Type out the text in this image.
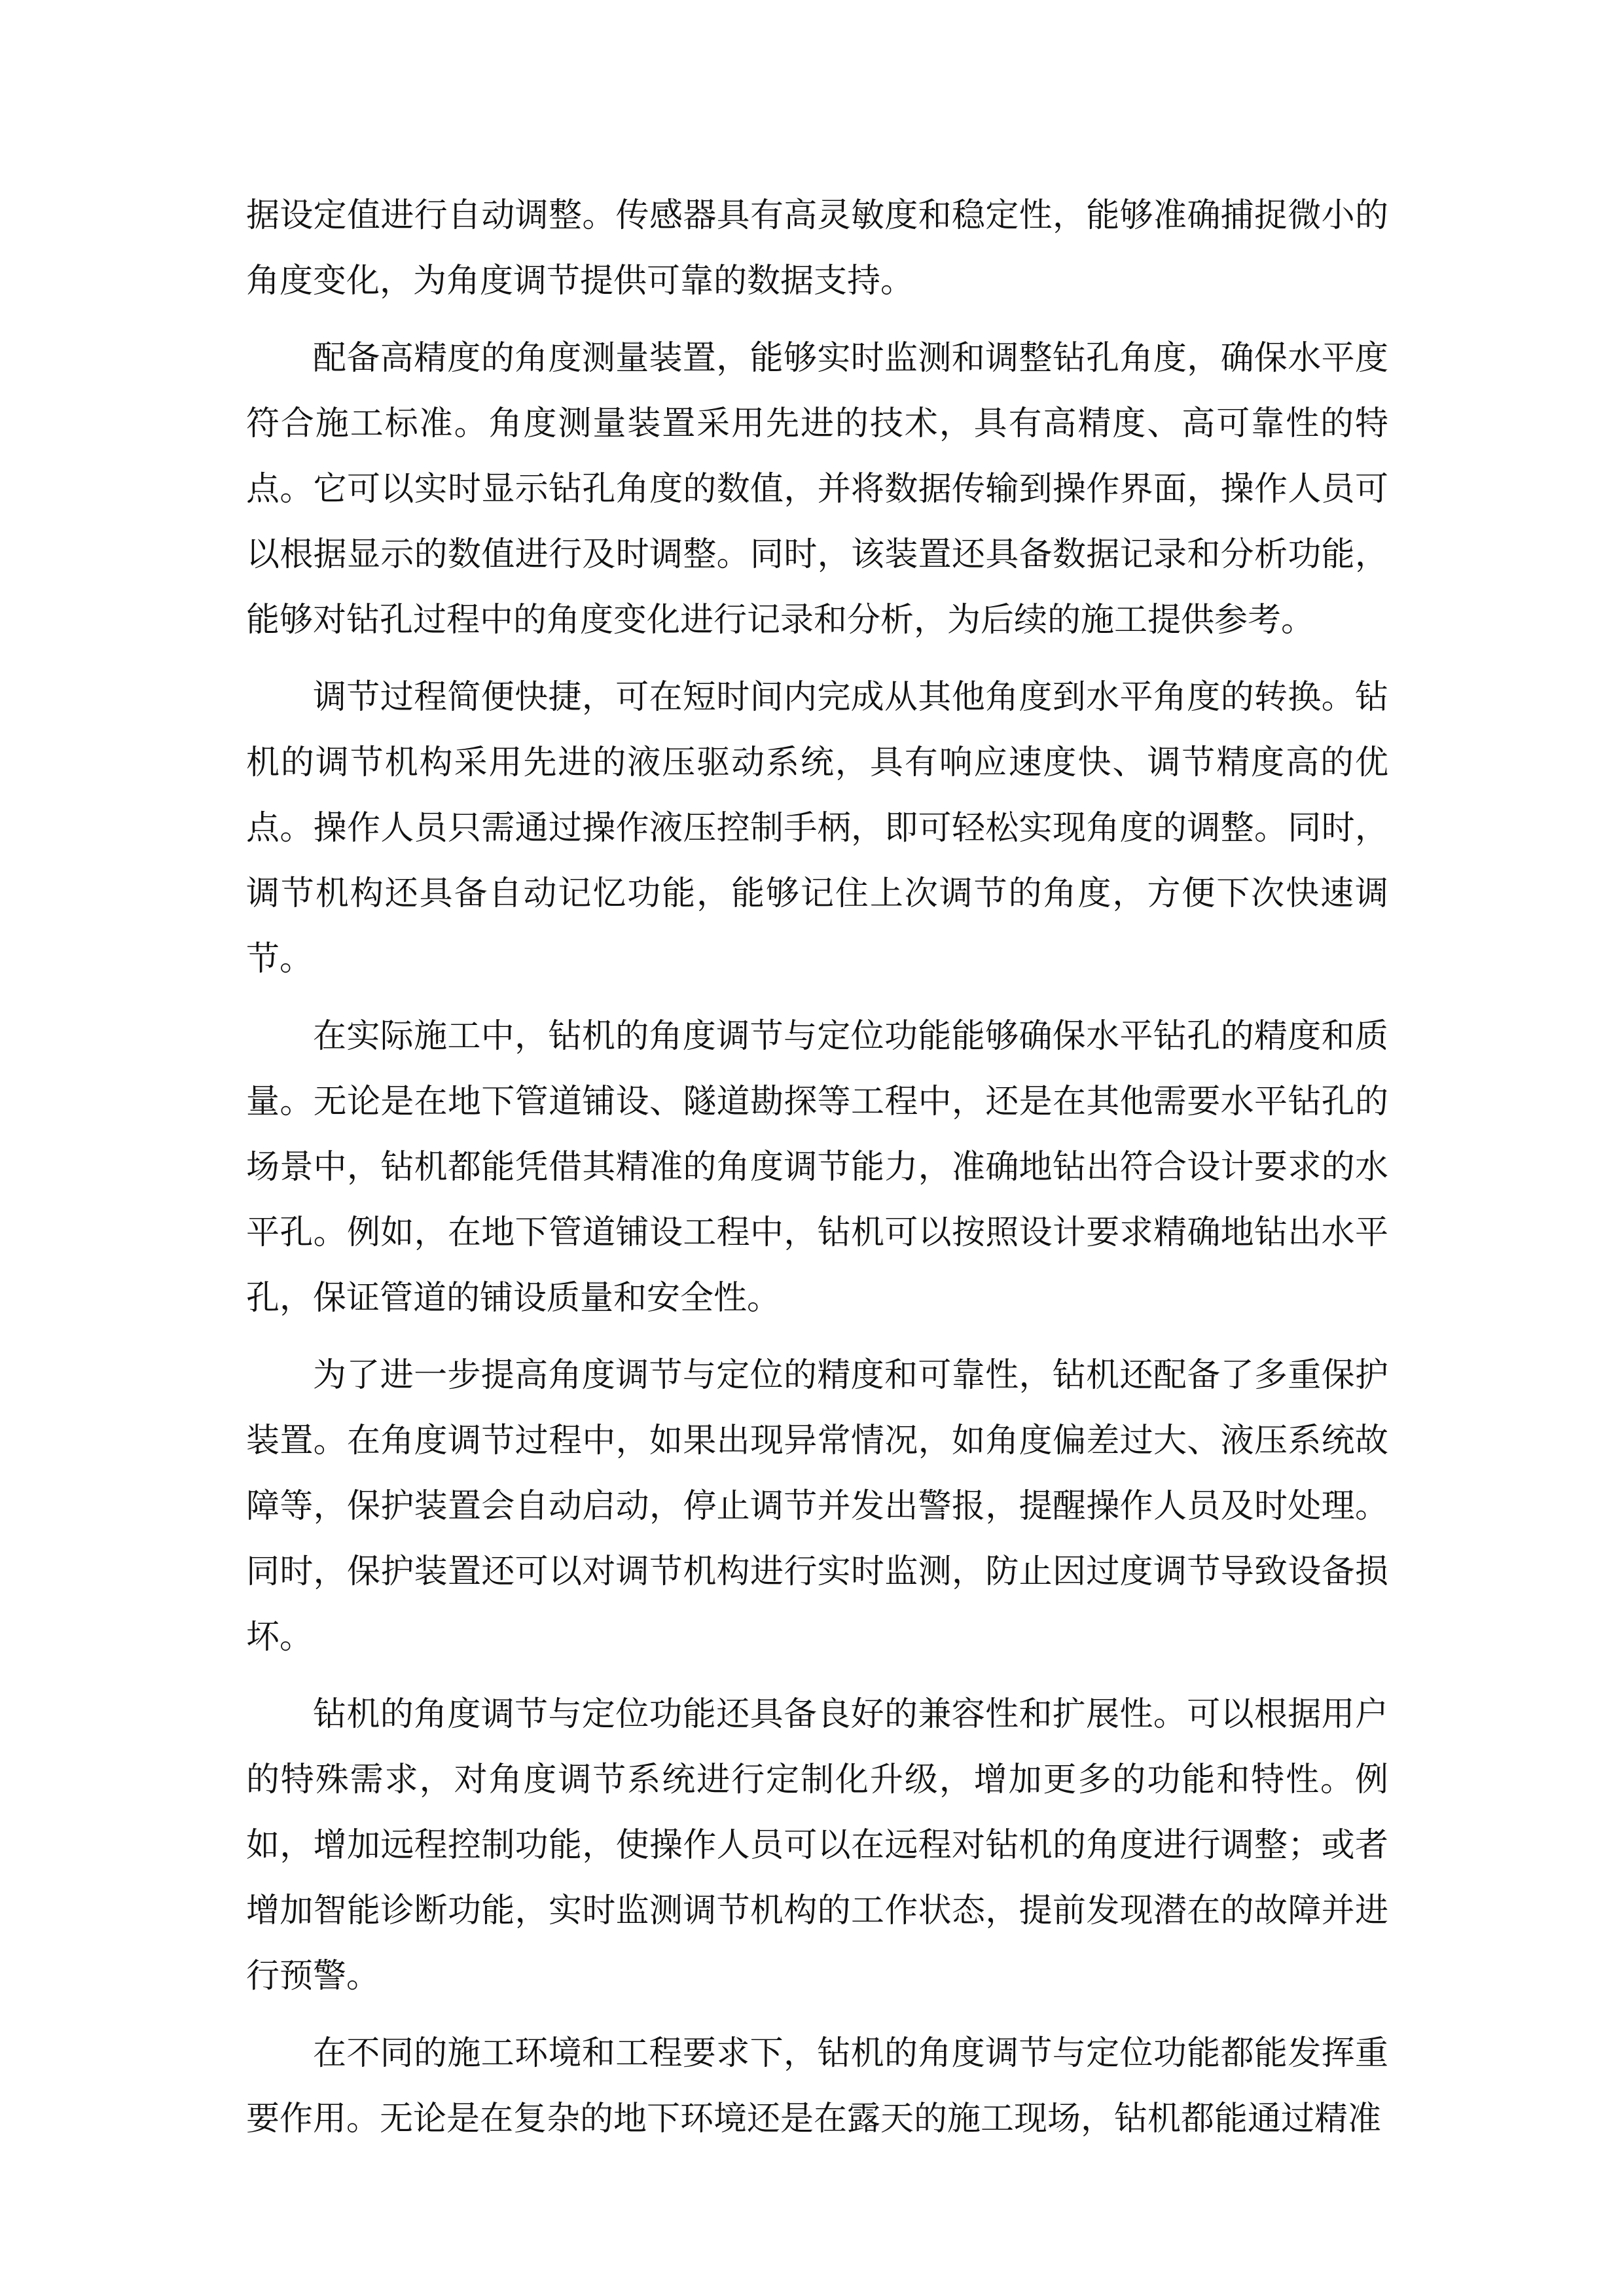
据设定值进行自动调整。传感器具有高灵敏度和稳定性，能够准确捕捉微小的角度变化，为角度调节提供可靠的数据支持。

配备高精度的角度测量装置，能够实时监测和调整钻孔角度，确保水平度符合施工标准。角度测量装置采用先进的技术，具有高精度、高可靠性的特点。它可以实时显示钻孔角度的数值，并将数据传输到操作界面，操作人员可以根据显示的数值进行及时调整。同时，该装置还具备数据记录和分析功能，能够对钻孔过程中的角度变化进行记录和分析，为后续的施工提供参考。

调节过程简便快捷，可在短时间内完成从其他角度到水平角度的转换。钻机的调节机构采用先进的液压驱动系统，具有响应速度快、调节精度高的优点。操作人员只需通过操作液压控制手柄，即可轻松实现角度的调整。同时，调节机构还具备自动记忆功能，能够记住上次调节的角度，方便下次快速调节。

在实际施工中，钻机的角度调节与定位功能能够确保水平钻孔的精度和质量。无论是在地下管道铺设、隧道勘探等工程中，还是在其他需要水平钻孔的场景中，钻机都能凭借其精准的角度调节能力，准确地钻出符合设计要求的水平孔。例如，在地下管道铺设工程中，钻机可以按照设计要求精确地钻出水平孔，保证管道的铺设质量和安全性。

为了进一步提高角度调节与定位的精度和可靠性，钻机还配备了多重保护装置。在角度调节过程中，如果出现异常情况，如角度偏差过大、液压系统故障等，保护装置会自动启动，停止调节并发出警报，提醒操作人员及时处理。同时，保护装置还可以对调节机构进行实时监测，防止因过度调节导致设备损坏。

钻机的角度调节与定位功能还具备良好的兼容性和扩展性。可以根据用户的特殊需求，对角度调节系统进行定制化升级，增加更多的功能和特性。例如，增加远程控制功能，使操作人员可以在远程对钻机的角度进行调整；或者增加智能诊断功能，实时监测调节机构的工作状态，提前发现潜在的故障并进行预警。

在不同的施工环境和工程要求下，钻机的角度调节与定位功能都能发挥重要作用。无论是在复杂的地下环境还是在露天的施工现场，钻机都能通过精准
